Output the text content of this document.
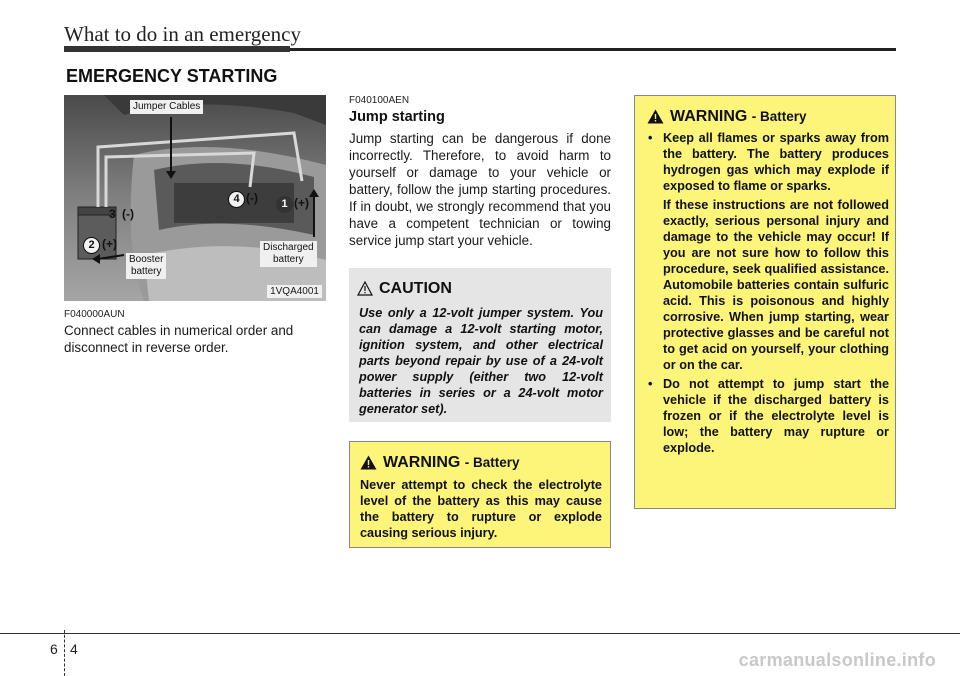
What to do in an emergency
EMERGENCY STARTING
Jumper Cables
Booster
battery
Discharged
battery
3 (-)
2 (+)
4 (-)	1 (+)
1VQA4001
F040000AUN
Connect cables in numerical order and disconnect in reverse order.
F040100AEN
Jump starting
Jump starting can be dangerous if done incorrectly. Therefore, to avoid harm to yourself or damage to your vehicle or battery, follow the jump starting procedures. If in doubt, we strongly recommend that you have a competent technician or towing service jump start your vehicle.
CAUTION
Use only a 12-volt jumper system. You can damage a 12-volt starting motor, ignition system, and other electrical parts beyond repair by use of a 24-volt power supply (either two 12-volt batteries in series or a 24-volt motor generator set).
WARNING - Battery
Never attempt to check the electrolyte level of the battery as this may cause the battery to rupture or explode causing serious injury.
WARNING - Battery

• Keep all flames or sparks away from the battery. The battery produces hydrogen gas which may explode if exposed to flame or sparks.

If these instructions are not followed exactly, serious personal injury and damage to the vehicle may occur! If you are not sure how to follow this procedure, seek qualified assistance. Automobile batteries contain sulfuric acid. This is poisonous and highly corrosive. When jump starting, wear protective glasses and be careful not to get acid on yourself, your clothing or on the car.

• Do not attempt to jump start the vehicle if the discharged battery is frozen or if the electrolyte level is low; the battery may rupture or explode.

6 4
carmanualsonline.info
